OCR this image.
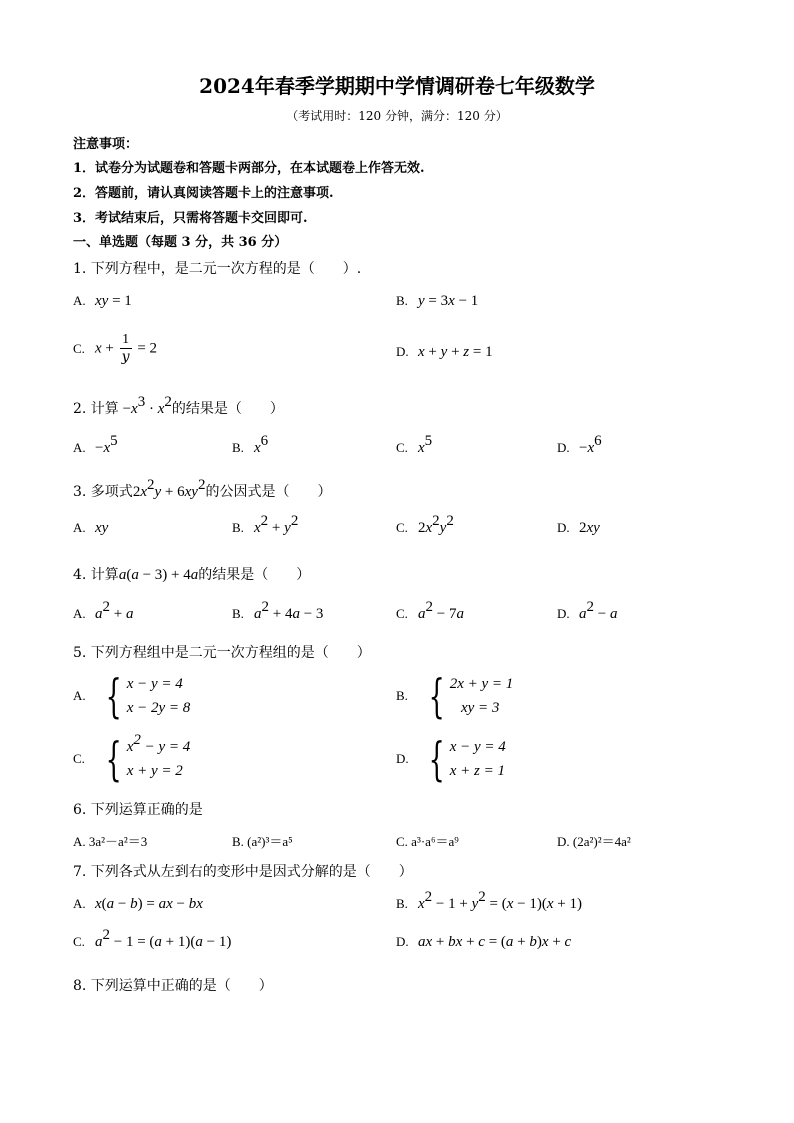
2024年春季学期期中学情调研卷七年级数学
（考试用时：120 分钟，满分：120 分）
注意事项：
1．试卷分为试题卷和答题卡两部分，在本试题卷上作答无效.
2．答题前，请认真阅读答题卡上的注意事项.
3．考试结束后，只需将答题卡交回即可.
一、单选题（每题 3 分，共 36 分）
1. 下列方程中，是二元一次方程的是（　　）.
A. xy = 1	B. y = 3x − 1
C. $x + \frac{1}{y} = 2$	D. x + y + z = 1
2. 计算 $-x^3 \cdot x^2$的结果是（　　）
A. $-x^5$	B. $x^6$	C. $x^5$	D. $-x^6$
3. 多项式$2x^2y + 6xy^2$的公因式是（　　）
A. xy	B. $x^2 + y^2$	C. $2x^2y^2$	D. 2xy
4. 计算a(a − 3) + 4a的结果是（　　）
A. $a^2 + a$	B. $a^2 + 4a - 3$	C. $a^2 - 7a$	D. $a^2 - a$
5. 下列方程组中是二元一次方程组的是（　　）
A. { x − y = 4
x − 2y = 8
B. { 2x + y = 1
xy = 3
C. { $x^2 - y = 4$
x + y = 2
D. { x − y = 4
x + z = 1
6. 下列运算正确的是
A. 3a²－a²＝3	B. (a²)³＝a⁵	C. a³·a⁶＝a⁹	D. (2a²)²＝4a²
7. 下列各式从左到右的变形中是因式分解的是（　　）
A. x(a − b) = ax − bx	B. $x^2 - 1 + y^2 = (x - 1)(x + 1)$
C. $a^2 - 1 = (a + 1)(a - 1)$	D. ax + bx + c = (a + b)x + c
8. 下列运算中正确的是（　　）
